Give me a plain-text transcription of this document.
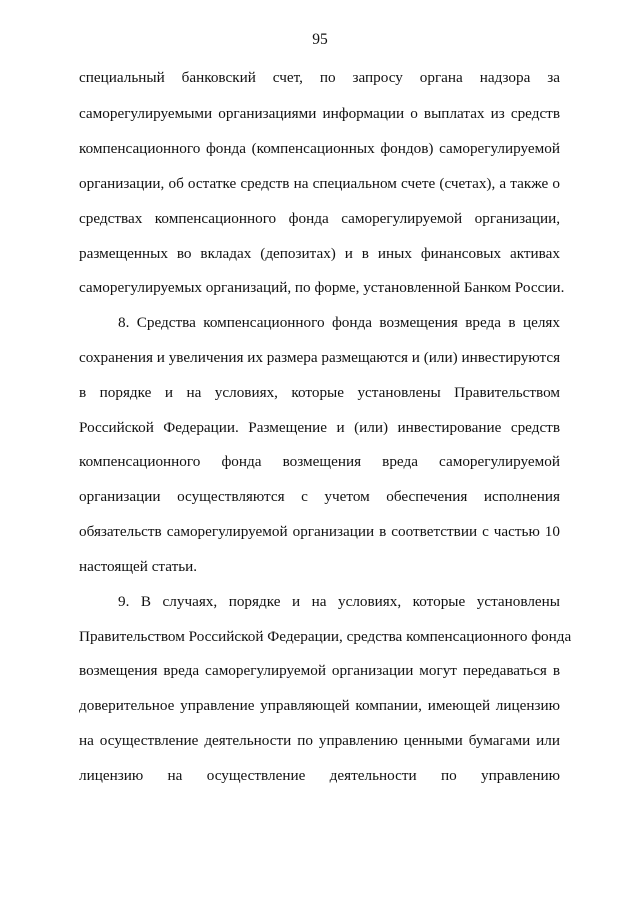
95
специальный банковский счет, по запросу органа надзора за
саморегулируемыми организациями информации о выплатах из средств
компенсационного фонда (компенсационных фондов) саморегулируемой
организации, об остатке средств на специальном счете (счетах), а также о
средствах компенсационного фонда саморегулируемой организации,
размещенных во вкладах (депозитах) и в иных финансовых активах
саморегулируемых организаций, по форме, установленной Банком России.
8. Средства компенсационного фонда возмещения вреда в целях
сохранения и увеличения их размера размещаются и (или) инвестируются
в порядке и на условиях, которые установлены Правительством
Российской Федерации. Размещение и (или) инвестирование средств
компенсационного фонда возмещения вреда саморегулируемой
организации осуществляются с учетом обеспечения исполнения
обязательств саморегулируемой организации в соответствии с частью 10
настоящей статьи.
9. В случаях, порядке и на условиях, которые установлены
Правительством Российской Федерации, средства компенсационного фонда
возмещения вреда саморегулируемой организации могут передаваться в
доверительное управление управляющей компании, имеющей лицензию
на осуществление деятельности по управлению ценными бумагами или
лицензию на осуществление деятельности по управлению
